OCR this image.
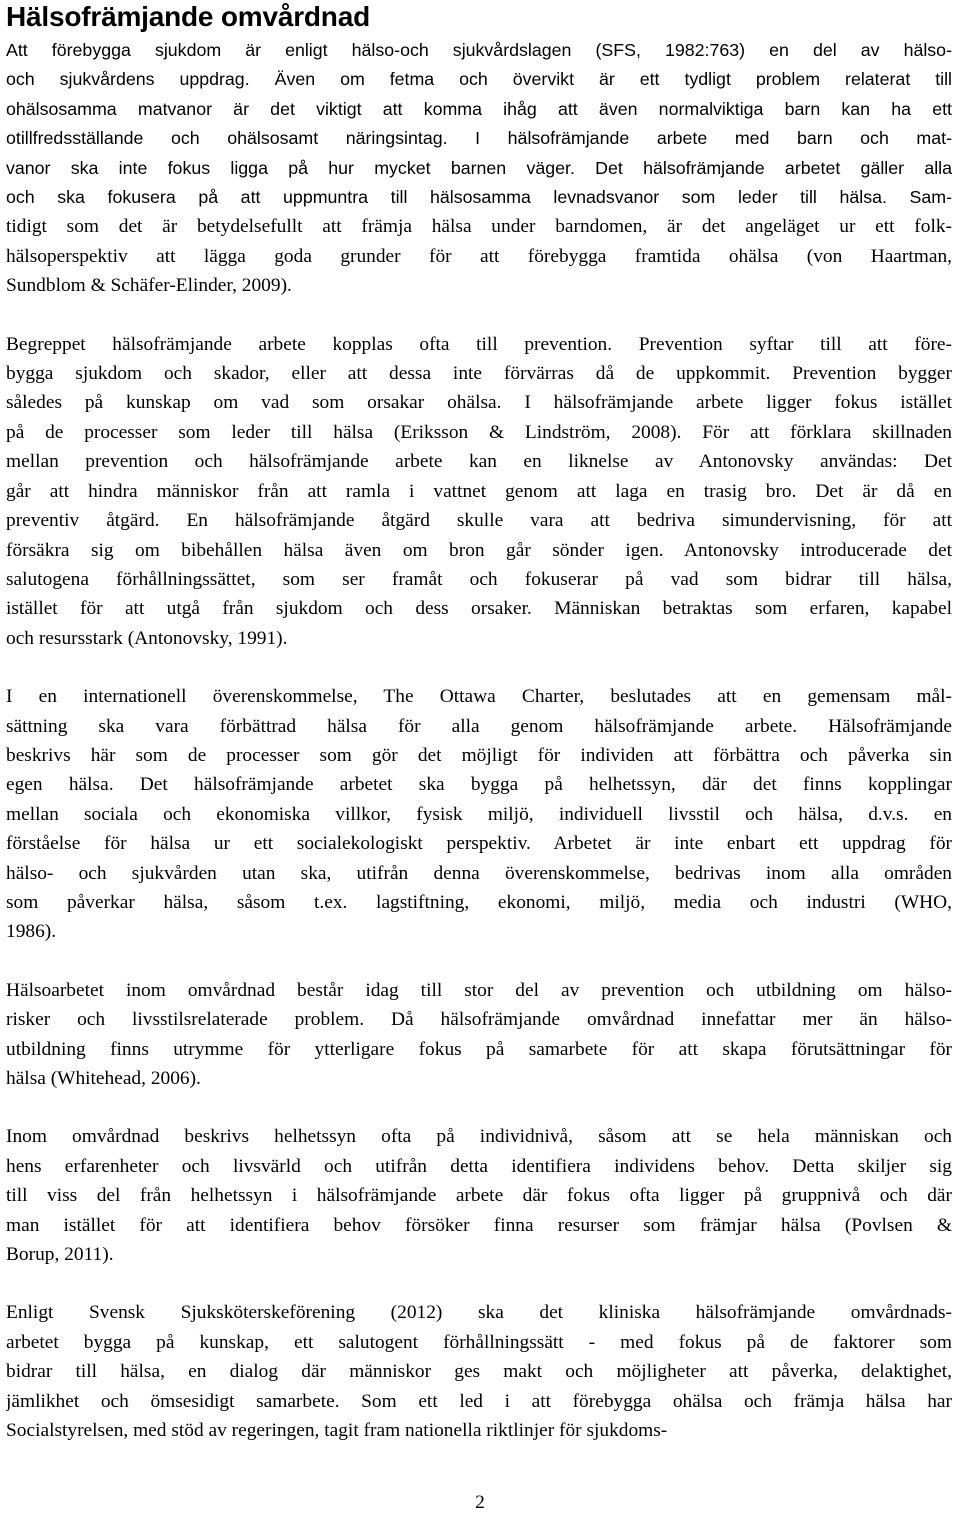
Hälsofrämjande omvårdnad
Att förebygga sjukdom är enligt hälso-och sjukvårdslagen (SFS, 1982:763) en del av hälso-
och sjukvårdens uppdrag. Även om fetma och övervikt är ett tydligt problem relaterat till
ohälsosamma matvanor är det viktigt att komma ihåg att även normalviktiga barn kan ha ett
otillfredsställande och ohälsosamt näringsintag. I hälsofrämjande arbete med barn och mat-
vanor ska inte fokus ligga på hur mycket barnen väger. Det hälsofrämjande arbetet gäller alla
och ska fokusera på att uppmuntra till hälsosamma levnadsvanor som leder till hälsa. Sam-
tidigt som det är betydelsefullt att främja hälsa under barndomen, är det angeläget ur ett folk-
hälsoperspektiv att lägga goda grunder för att förebygga framtida ohälsa (von Haartman,
Sundblom & Schäfer-Elinder, 2009).
Begreppet hälsofrämjande arbete kopplas ofta till prevention. Prevention syftar till att före-
bygga sjukdom och skador, eller att dessa inte förvärras då de uppkommit. Prevention bygger
således på kunskap om vad som orsakar ohälsa. I hälsofrämjande arbete ligger fokus istället
på de processer som leder till hälsa (Eriksson & Lindström, 2008). För att förklara skillnaden
mellan prevention och hälsofrämjande arbete kan en liknelse av Antonovsky användas: Det
går att hindra människor från att ramla i vattnet genom att laga en trasig bro. Det är då en
preventiv åtgärd. En hälsofrämjande åtgärd skulle vara att bedriva simundervisning, för att
försäkra sig om bibehållen hälsa även om bron går sönder igen. Antonovsky introducerade det
salutogena förhållningssättet, som ser framåt och fokuserar på vad som bidrar till hälsa,
istället för att utgå från sjukdom och dess orsaker. Människan betraktas som erfaren, kapabel
och resursstark (Antonovsky, 1991).
I en internationell överenskommelse, The Ottawa Charter, beslutades att en gemensam mål-
sättning ska vara förbättrad hälsa för alla genom hälsofrämjande arbete. Hälsofrämjande
beskrivs här som de processer som gör det möjligt för individen att förbättra och påverka sin
egen hälsa. Det hälsofrämjande arbetet ska bygga på helhetssyn, där det finns kopplingar
mellan sociala och ekonomiska villkor, fysisk miljö, individuell livsstil och hälsa, d.v.s. en
förståelse för hälsa ur ett socialekologiskt perspektiv. Arbetet är inte enbart ett uppdrag för
hälso- och sjukvården utan ska, utifrån denna överenskommelse, bedrivas inom alla områden
som påverkar hälsa, såsom t.ex. lagstiftning, ekonomi, miljö, media och industri (WHO,
1986).
Hälsoarbetet inom omvårdnad består idag till stor del av prevention och utbildning om hälso-
risker och livsstilsrelaterade problem. Då hälsofrämjande omvårdnad innefattar mer än hälso-
utbildning finns utrymme för ytterligare fokus på samarbete för att skapa förutsättningar för
hälsa (Whitehead, 2006).
Inom omvårdnad beskrivs helhetssyn ofta på individnivå, såsom att se hela människan och
hens erfarenheter och livsvärld och utifrån detta identifiera individens behov. Detta skiljer sig
till viss del från helhetssyn i hälsofrämjande arbete där fokus ofta ligger på gruppnivå och där
man istället för att identifiera behov försöker finna resurser som främjar hälsa (Povlsen &
Borup, 2011).
Enligt Svensk Sjuksköterskeförening (2012) ska det kliniska hälsofrämjande omvårdnads-
arbetet bygga på kunskap, ett salutogent förhållningssätt - med fokus på de faktorer som
bidrar till hälsa, en dialog där människor ges makt och möjligheter att påverka, delaktighet,
jämlikhet och ömsesidigt samarbete. Som ett led i att förebygga ohälsa och främja hälsa har
Socialstyrelsen, med stöd av regeringen, tagit fram nationella riktlinjer för sjukdoms-
2
